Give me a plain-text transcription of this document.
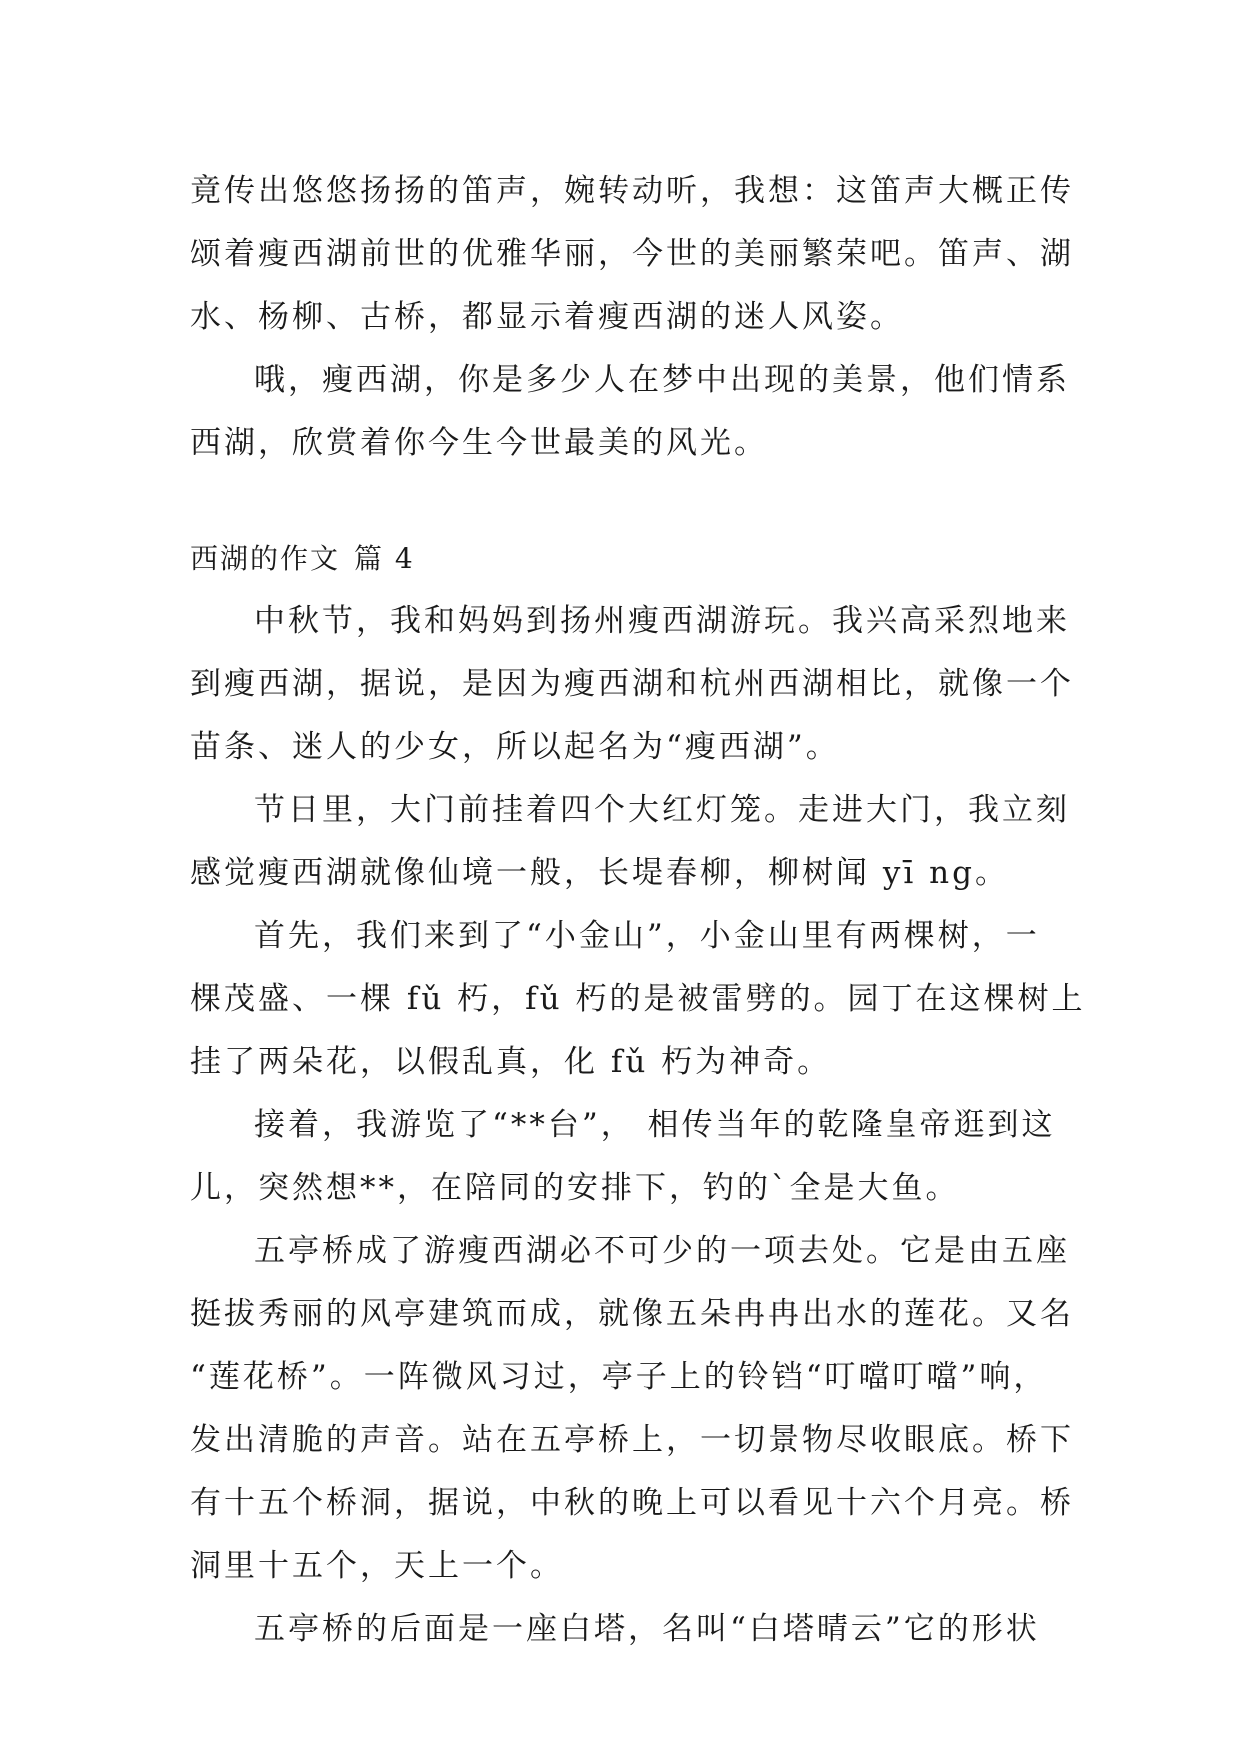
竟传出悠悠扬扬的笛声，婉转动听，我想：这笛声大概正传
颂着瘦西湖前世的优雅华丽，今世的美丽繁荣吧。笛声、湖
水、杨柳、古桥，都显示着瘦西湖的迷人风姿。
哦，瘦西湖，你是多少人在梦中出现的美景，他们情系
西湖，欣赏着你今生今世最美的风光。
西湖的作文 篇 4
中秋节，我和妈妈到扬州瘦西湖游玩。我兴高采烈地来
到瘦西湖，据说，是因为瘦西湖和杭州西湖相比，就像一个
苗条、迷人的少女，所以起名为“瘦西湖”。
节日里，大门前挂着四个大红灯笼。走进大门，我立刻
感觉瘦西湖就像仙境一般，长堤春柳，柳树闻 yī ng。
首先，我们来到了“小金山”，小金山里有两棵树，一
棵茂盛、一棵 fǔ 朽，fǔ 朽的是被雷劈的。园丁在这棵树上
挂了两朵花，以假乱真，化 fǔ 朽为神奇。
接着，我游览了“**台”， 相传当年的乾隆皇帝逛到这
儿，突然想**，在陪同的安排下，钓的`全是大鱼。
五亭桥成了游瘦西湖必不可少的一项去处。它是由五座
挺拔秀丽的风亭建筑而成，就像五朵冉冉出水的莲花。又名
“莲花桥”。一阵微风习过，亭子上的铃铛“叮噹叮噹”响，
发出清脆的声音。站在五亭桥上，一切景物尽收眼底。桥下
有十五个桥洞，据说，中秋的晚上可以看见十六个月亮。桥
洞里十五个，天上一个。
五亭桥的后面是一座白塔，名叫“白塔晴云”它的形状
